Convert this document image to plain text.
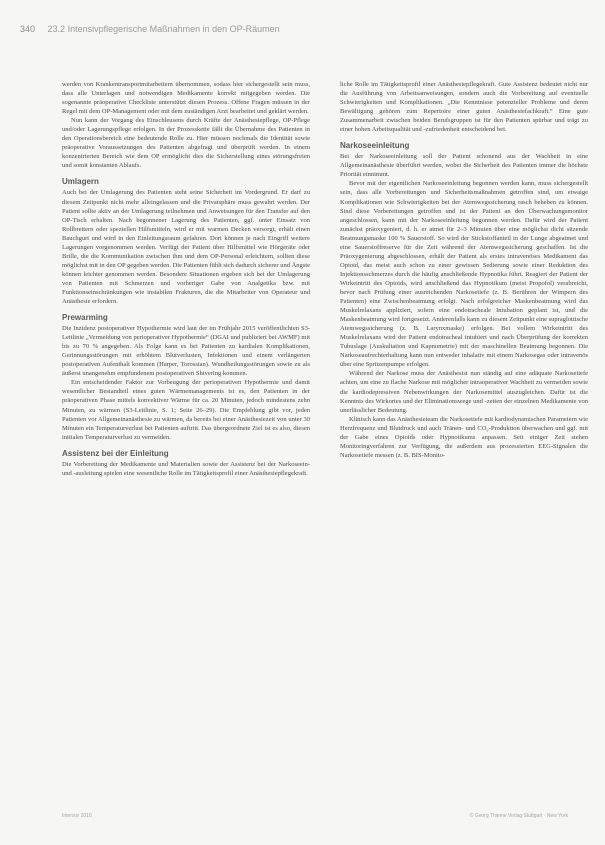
340 23.2 Intensivpflegerische Maßnahmen in den OP-Räumen

werden von Krankentransportmitarbeitern übernommen, sodass hier sichergestellt sein muss, dass alle Unterlagen und notwendigen Medikamente korrekt mitgegeben werden. Die sogenannte präoperative Checkliste unterstützt diesen Prozess. Offene Fragen müssen in der Regel mit dem OP-Management oder mit dem zuständigen Arzt bearbeitet und geklärt werden.

Nun kann der Vorgang des Einschleusens durch Kräfte der Anästhesiepflege, OP-Pflege und/oder Lagerungspflege erfolgen. In der Prozesskette fällt die Übernahme des Patienten in den Operationsbereich eine bedeutende Rolle zu. Hier müssen nochmals die Identität sowie präoperative Voraussetzungen des Patienten abgefragt und überprüft werden. In einem konzentrierten Bereich wie dem OP ermöglicht dies die Sicherstellung eines störungsfreien und somit konstanten Ablaufs.

Umlagern

Auch bei der Umlagerung des Patienten steht seine Sicherheit im Vordergrund. Er darf zu diesem Zeitpunkt nicht mehr alleingelassen und die Privatsphäre muss gewahrt werden. Der Patient sollte aktiv an der Umlagerung teilnehmen und Anweisungen für den Transfer auf den OP-Tisch erhalten. Nach begonnener Lagerung des Patienten, ggf. unter Einsatz von Rollbrettern oder speziellen Hilfsmitteln, wird er mit warmen Decken versorgt, erhält einen Bauchgurt und wird in den Einleitungsraum gefahren. Dort können je nach Eingriff weitere Lagerungen vorgenommen werden. Verfügt der Patient über Hilfsmittel wie Hörgeräte oder Brille, die die Kommunikation zwischen ihm und dem OP-Personal erleichtern, sollten diese möglichst mit in den OP gegeben werden. Die Patienten fühlt sich dadurch sicherer und Ängste können leichter genommen werden. Besondere Situationen ergeben sich bei der Umlagerung von Patienten mit Schmerzen und vorheriger Gabe von Analgetika bzw. mit Funktionseinschränkungen wie instabilen Frakturen, die die Mitarbeiter von Operateur und Anästhesie erfordern.

Prewarming

Die Inzidenz postoperativer Hypothermie wird laut der im Frühjahr 2015 veröffentlichten S3-Leitlinie „Vermeidung von perioperativer Hypothermie“ (DGAI und publiziert bei AWMF) mit bis zu 70 % angegeben. Als Folge kann es bei Patienten zu kardialen Komplikationen, Gerinnungsstörungen mit erhöhtem Blutverlusten, Infektionen und einem verlängerten postoperativen Aufenthalt kommen (Harper, Torossian). Wundheilungsstörungen sowie zu als äußerst unangenehm empfundenem postoperativen Shivering kommen.

Ein entscheidender Faktor zur Vorbeugung der perioperativen Hypothermie und damit wesentlicher Bestandteil eines guten Wärmemanagements ist es, den Patienten in der präoperativen Phase mittels konvektiver Wärme für ca. 20 Minuten, jedoch mindestens zehn Minuten, zu wärmen (S3-Leitlinie, S. 1; Seite 26–29). Die Empfehlung gibt vor, jeden Patienten vor Allgemeinanästhesie zu wärmen, da bereits bei einer Anästhesiezeit von unter 30 Minuten ein Temperaturverlust bei Patienten auftritt. Das übergeordnete Ziel ist es also, diesen initialen Temperaturverlust zu vermeiden.

Assistenz bei der Einleitung

Die Vorbereitung der Medikamente und Materialien sowie der Assistenz bei der Narkoseein- und -ausleitung spielen eine wesentliche Rolle im Tätigkeitsprofil einer Anästhesiepflegekraft.

liche Rolle im Tätigkeitsprofil einer Anästhesiepflegekraft. Gute Assistenz bedeutet nicht nur die Ausführung von Arbeitsanweisungen, sondern auch die Vorbereitung auf eventuelle Schwierigkeiten und Komplikationen. „Die Kenntnisse potenzieller Probleme und deren Bewältigung gehören zum Repertoire einer guten Anästhesiefachkraft.“ Eine gute Zusammenarbeit zwischen beiden Berufsgruppen ist für den Patienten spürbar und trägt zu einer hohen Arbeitsqualität und -zufriedenheit entscheidend bei.

Narkoseeinleitung

Bei der Narkoseeinleitung soll der Patient schonend aus der Wachheit in eine Allgemeinanästhesie überführt werden, wobei die Sicherheit des Patienten immer die höchste Priorität einnimmt.

Bevor mit der eigentlichen Narkoseeinleitung begonnen werden kann, muss sichergestellt sein, dass alle Vorbereitungen und Sicherheitsmaßnahmen getroffen sind, um etwaige Komplikationen wie Schwierigkeiten bei der Atemwegssicherung rasch beheben zu können. Sind diese Vorbereitungen getroffen und ist der Patient an den Überwachungsmonitor angeschlossen, kann mit der Narkoseeinleitung begonnen werden. Dafür wird der Patient zunächst präoxygeniert, d. h. er atmet für 2–3 Minuten über eine möglichst dicht sitzende Beatmungsmaske 100 % Sauerstoff. So wird der Stickstoffanteil in der Lunge abgeatmet und eine Sauerstoffreserve für die Zeit während der Atemwegssicherung geschaffen. Ist die Präoxygenierung abgeschlossen, erhält der Patient als erstes intravenöses Medikament das Opioid, das meist auch schon zu einer gewissen Sedierung sowie einer Reduktion des Injektionsschmerzes durch die häufig anschließende Hypnotika führt. Reagiert der Patient der Wirkeintritt des Opioids, wird anschließend das Hypnotikum (meist Propofol) verabreicht, bevor nach Prüfung einer ausreichenden Narkosetiefe (z. B. Berühren der Wimpern des Patienten) eine Zwischenbeatmung erfolgt. Nach erfolgreicher Maskenbeatmung wird das Muskelrelaxans appliziert, sofern eine endotracheale Intubation geplant ist, und die Maskenbeatmung wird fortgesetzt. Anderenfalls kann zu diesem Zeitpunkt eine supraglottische Atemwegssicherung (z. B. Larynxmaske) erfolgen. Bei vollem Wirkeintritt des Muskelrelaxans wird der Patient endotracheal intubiert und nach Überprüfung der korrekten Tubuslage (Auskultation und Kapnometrie) mit der maschinellen Beatmung begonnen. Die Narkoseaufrechterhaltung kann nun entweder inhalativ mit einem Narkosegas oder intravenös über eine Spritzenpumpe erfolgen.

Während der Narkose muss der Anästhesist nun ständig auf eine adäquate Narkosetiefe achten, um eine zu flache Narkose mit möglicher intraoperativer Wachheit zu vermeiden sowie die kardiodepressiven Nebenwirkungen der Narkosemittel auszugleichen. Dafür ist die Kenntnis des Wirkortes und der Eliminationswege und -zeiten der einzelnen Medikamente von unerlässlicher Bedeutung.

Klinisch kann das Anästhesieteam die Narkosetiefe mit kardiodynamischen Parametern wie Herzfrequenz und Blutdruck und auch Tränen- und CO₂-Produktion überwachen und ggf. mit der Gabe eines Opioids oder Hypnotikums anpassen. Seit einiger Zeit stehen Monitoringverfahren zur Verfügung, die außerdem aus prozessierten EEG-Signalen die Narkosetiefe messen (z. B. BIS-Monito-

Intensiv 2016	© Georg Thieme Verlag Stuttgart · New York
